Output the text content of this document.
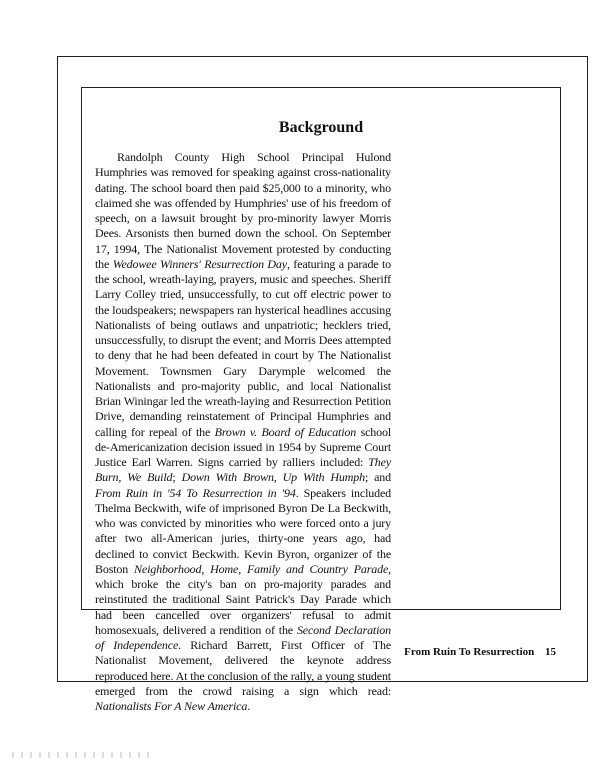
Background

Randolph County High School Principal Hulond Humphries was removed for speaking against cross-nationality dating. The school board then paid $25,000 to a minority, who claimed she was offended by Humphries' use of his freedom of speech, on a lawsuit brought by pro-minority lawyer Morris Dees. Arsonists then burned down the school. On September 17, 1994, The Nationalist Movement protested by conducting the Wedowee Winners' Resurrection Day, featuring a parade to the school, wreath-laying, prayers, music and speeches. Sheriff Larry Colley tried, unsuccessfully, to cut off electric power to the loudspeakers; newspapers ran hysterical headlines accusing Nationalists of being outlaws and unpatriotic; hecklers tried, unsuccessfully, to disrupt the event; and Morris Dees attempted to deny that he had been defeated in court by The Nationalist Movement. Townsmen Gary Darymple welcomed the Nationalists and pro-majority public, and local Nationalist Brian Winingar led the wreath-laying and Resurrection Petition Drive, demanding reinstatement of Principal Humphries and calling for repeal of the Brown v. Board of Education school de-Americanization decision issued in 1954 by Supreme Court Justice Earl Warren. Signs carried by ralliers included: They Burn, We Build; Down With Brown, Up With Humph; and From Ruin in '54 To Resurrection in '94. Speakers included Thelma Beckwith, wife of imprisoned Byron De La Beckwith, who was convicted by minorities who were forced onto a jury after two all-American juries, thirty-one years ago, had declined to convict Beckwith. Kevin Byron, organizer of the Boston Neighborhood, Home, Family and Country Parade, which broke the city's ban on pro-majority parades and reinstituted the traditional Saint Patrick's Day Parade which had been cancelled over organizers' refusal to admit homosexuals, delivered a rendition of the Second Declaration of Independence. Richard Barrett, First Officer of The Nationalist Movement, delivered the keynote address reproduced here. At the conclusion of the rally, a young student emerged from the crowd raising a sign which read: Nationalists For A New America.

From Ruin To Resurrection 15
